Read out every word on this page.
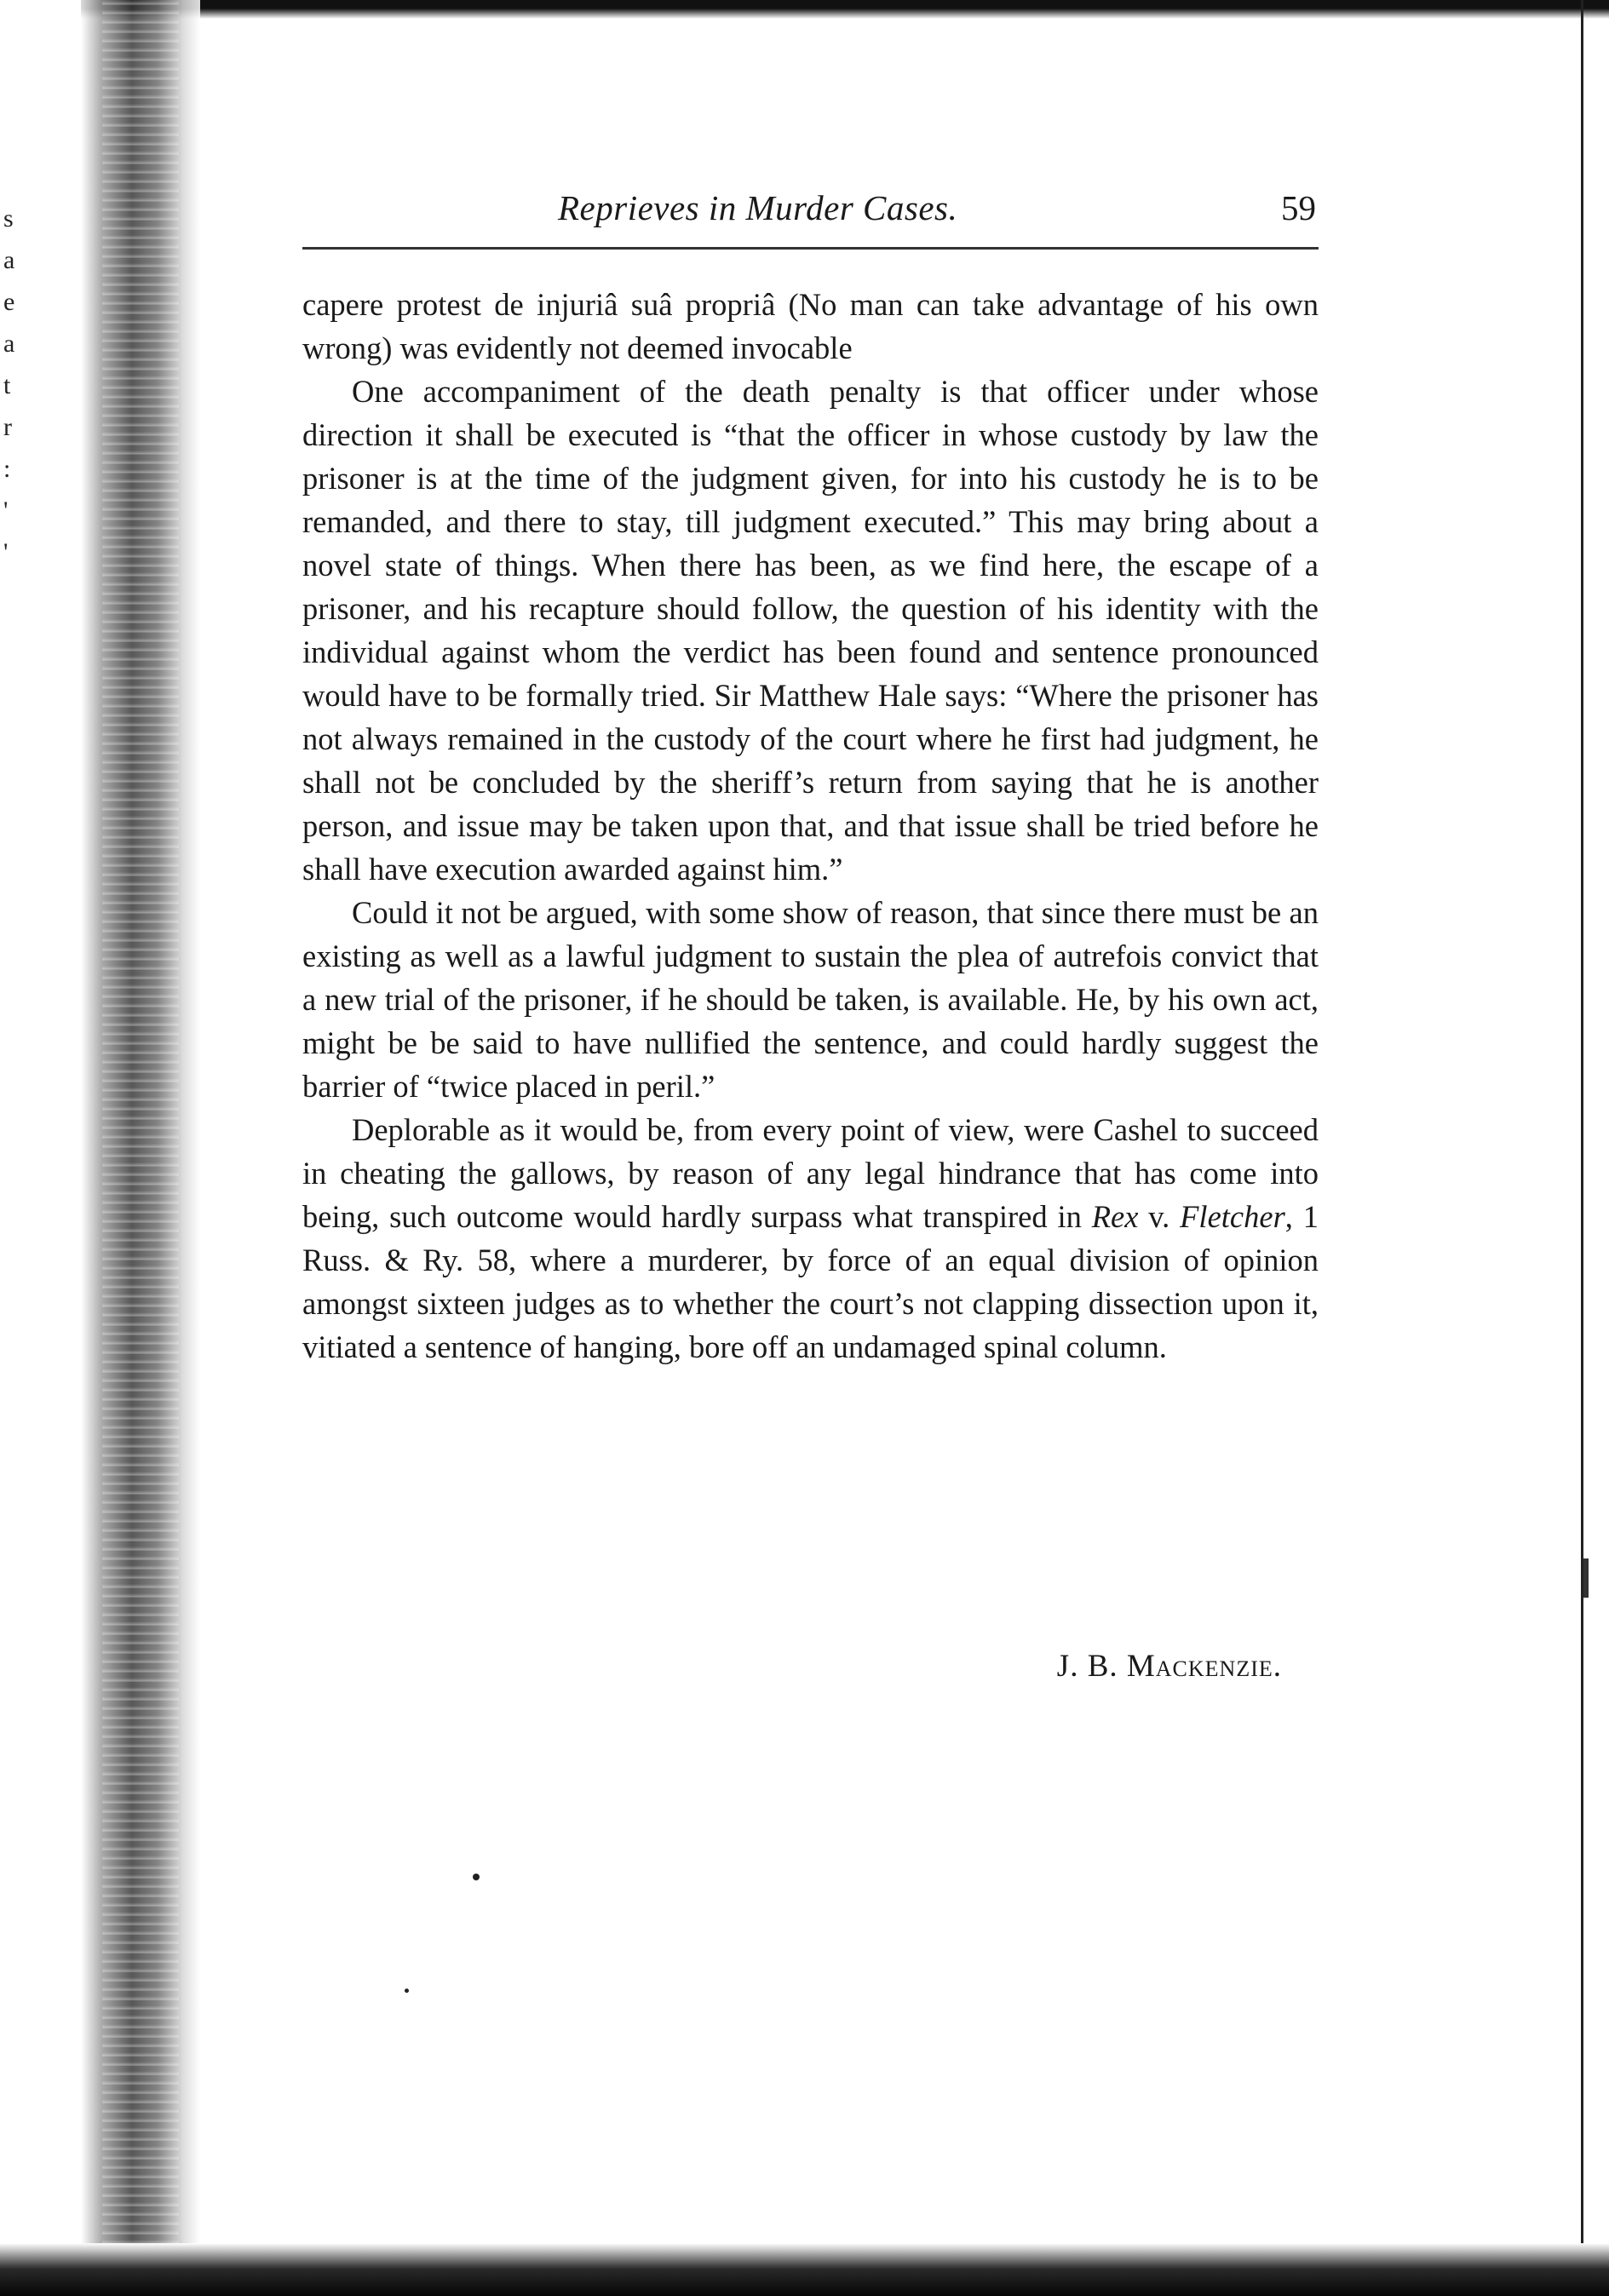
s
a
e
a
t
r
:
'
'
Reprieves in Murder Cases.	59

capere protest de injuriâ suâ propriâ (No man can take advantage of his own wrong) was evidently not deemed invocable

One accompaniment of the death penalty is that officer under whose direction it shall be executed is “that the officer in whose custody by law the prisoner is at the time of the judgment given, for into his custody he is to be remanded, and there to stay, till judgment executed.” This may bring about a novel state of things. When there has been, as we find here, the escape of a prisoner, and his recapture should follow, the question of his identity with the individual against whom the verdict has been found and sentence pronounced would have to be formally tried. Sir Matthew Hale says: “Where the prisoner has not always remained in the custody of the court where he first had judgment, he shall not be concluded by the sheriff’s return from saying that he is another person, and issue may be taken upon that, and that issue shall be tried before he shall have execution awarded against him.”

Could it not be argued, with some show of reason, that since there must be an existing as well as a lawful judgment to sustain the plea of autrefois convict that a new trial of the prisoner, if he should be taken, is available. He, by his own act, might be be said to have nullified the sentence, and could hardly suggest the barrier of “twice placed in peril.”

Deplorable as it would be, from every point of view, were Cashel to succeed in cheating the gallows, by reason of any legal hindrance that has come into being, such outcome would hardly surpass what transpired in Rex v. Fletcher, 1 Russ. & Ry. 58, where a murderer, by force of an equal division of opinion amongst sixteen judges as to whether the court’s not clapping dissection upon it, vitiated a sentence of hanging, bore off an undamaged spinal column.

J. B. Mackenzie.
